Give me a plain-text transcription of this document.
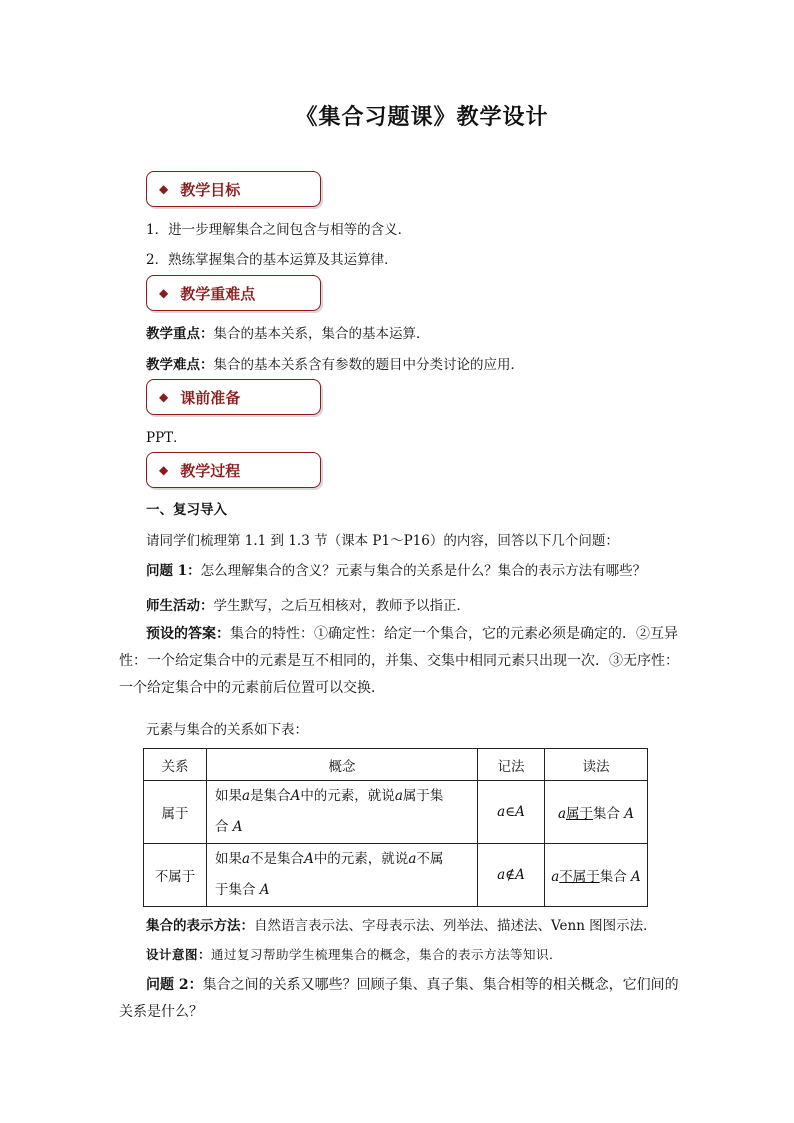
《集合习题课》教学设计
◆ 教学目标
1．进一步理解集合之间包含与相等的含义．
2．熟练掌握集合的基本运算及其运算律．
◆ 教学重难点
教学重点：集合的基本关系，集合的基本运算．
教学难点：集合的基本关系含有参数的题目中分类讨论的应用．
◆ 课前准备
PPT．
◆ 教学过程
一、复习导入
请同学们梳理第 1.1 到 1.3 节（课本 P1～P16）的内容，回答以下几个问题：
问题 1：怎么理解集合的含义？元素与集合的关系是什么？集合的表示方法有哪些？
师生活动：学生默写，之后互相核对，教师予以指正．
预设的答案：集合的特性：①确定性：给定一个集合，它的元素必须是确定的．②互异
性：一个给定集合中的元素是互不相同的，并集、交集中相同元素只出现一次．③无序性：
一个给定集合中的元素前后位置可以交换．
元素与集合的关系如下表：
关系	概念	记法	读法
属于	如果a是集合A中的元素，就说a属于集
合 A	a∈A	a属于集合 A
不属于	如果a不是集合A中的元素，就说a不属
于集合 A	a∉A	a不属于集合 A
集合的表示方法：自然语言表示法、字母表示法、列举法、描述法、Venn 图图示法．
设计意图：通过复习帮助学生梳理集合的概念，集合的表示方法等知识．
问题 2：集合之间的关系又哪些？回顾子集、真子集、集合相等的相关概念，它们间的
关系是什么？
